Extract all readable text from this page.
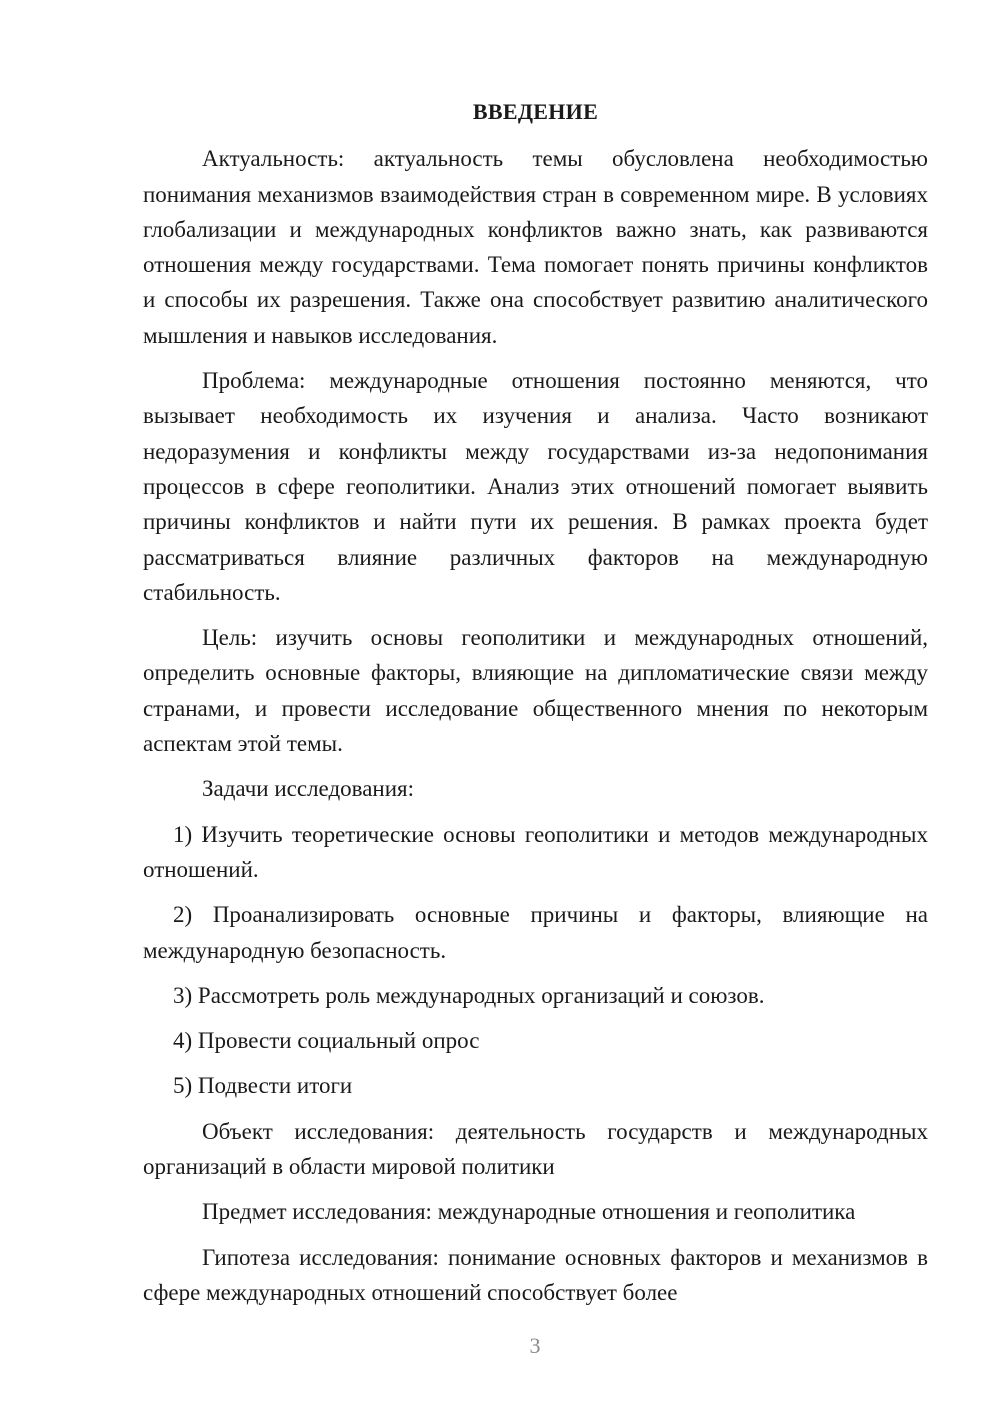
ВВЕДЕНИЕ

Актуальность: актуальность темы обусловлена необходимостью понимания механизмов взаимодействия стран в современном мире. В условиях глобализации и международных конфликтов важно знать, как развиваются отношения между государствами. Тема помогает понять причины конфликтов и способы их разрешения. Также она способствует развитию аналитического мышления и навыков исследования.

Проблема: международные отношения постоянно меняются, что вызывает необходимость их изучения и анализа. Часто возникают недоразумения и конфликты между государствами из-за недопонимания процессов в сфере геополитики. Анализ этих отношений помогает выявить причины конфликтов и найти пути их решения. В рамках проекта будет рассматриваться влияние различных факторов на международную стабильность.

Цель: изучить основы геополитики и международных отношений, определить основные факторы, влияющие на дипломатические связи между странами, и провести исследование общественного мнения по некоторым аспектам этой темы.

Задачи исследования:

1) Изучить теоретические основы геополитики и методов международных отношений.

2) Проанализировать основные причины и факторы, влияющие на международную безопасность.

3) Рассмотреть роль международных организаций и союзов.

4) Провести социальный опрос

5) Подвести итоги

Объект исследования: деятельность государств и международных организаций в области мировой политики

Предмет исследования: международные отношения и геополитика

Гипотеза исследования: понимание основных факторов и механизмов в сфере международных отношений способствует более

3
